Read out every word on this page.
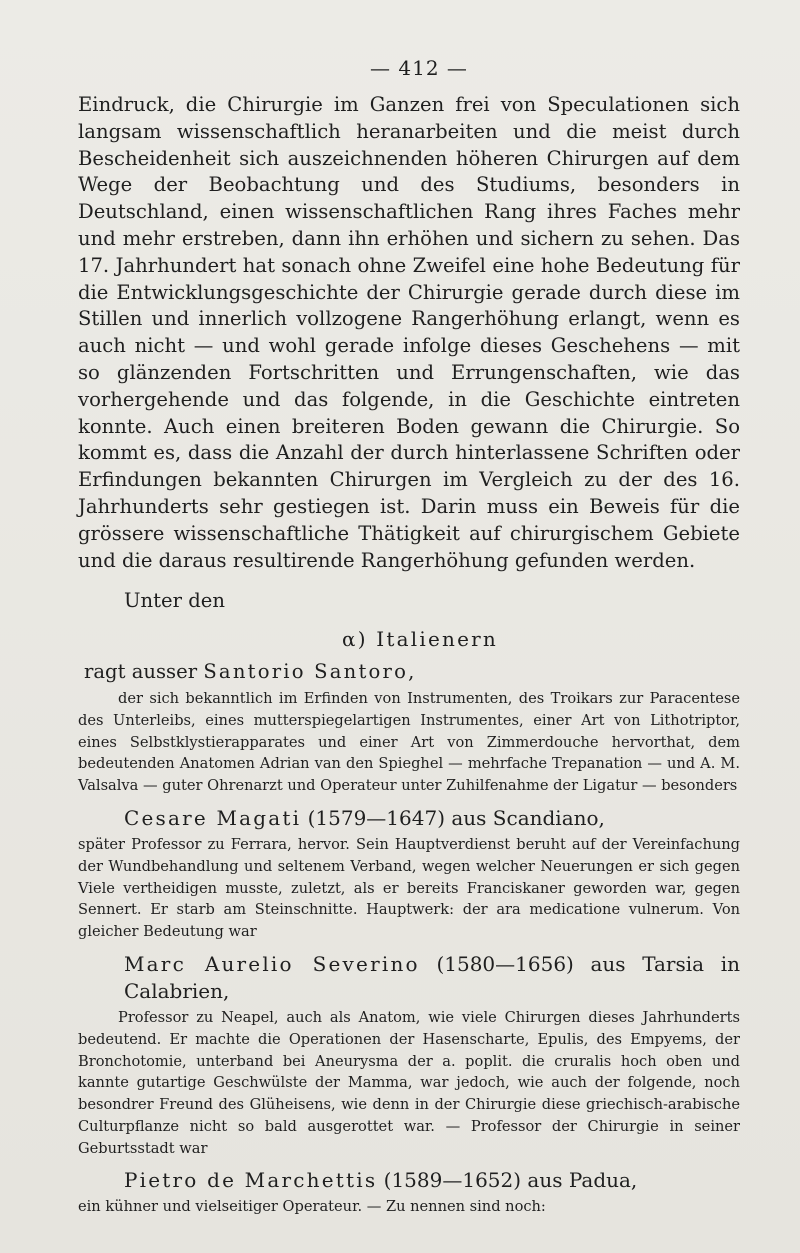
— 412 —

Eindruck, die Chirurgie im Ganzen frei von Speculationen sich langsam wissenschaftlich heranarbeiten und die meist durch Bescheidenheit sich auszeichnenden höheren Chirurgen auf dem Wege der Beobachtung und des Studiums, besonders in Deutschland, einen wissenschaftlichen Rang ihres Faches mehr und mehr erstreben, dann ihn erhöhen und sichern zu sehen. Das 17. Jahrhundert hat sonach ohne Zweifel eine hohe Bedeutung für die Entwicklungsgeschichte der Chirurgie gerade durch diese im Stillen und innerlich vollzogene Rangerhöhung erlangt, wenn es auch nicht — und wohl gerade infolge dieses Geschehens — mit so glänzenden Fortschritten und Errungenschaften, wie das vorhergehende und das folgende, in die Geschichte eintreten konnte. Auch einen breiteren Boden gewann die Chirurgie. So kommt es, dass die Anzahl der durch hinterlassene Schriften oder Erfindungen bekannten Chirurgen im Vergleich zu der des 16. Jahrhunderts sehr gestiegen ist. Darin muss ein Beweis für die grössere wissenschaftliche Thätigkeit auf chirurgischem Gebiete und die daraus resultirende Rangerhöhung gefunden werden.

Unter den

α) Italienern
ragt ausser Santorio Santoro,

der sich bekanntlich im Erfinden von Instrumenten, des Troikars zur Paracentese des Unterleibs, eines mutterspiegelartigen Instrumentes, einer Art von Lithotriptor, eines Selbstklystierapparates und einer Art von Zimmerdouche hervorthat, dem bedeutenden Anatomen Adrian van den Spieghel — mehrfache Trepanation — und A. M. Valsalva — guter Ohrenarzt und Operateur unter Zuhilfenahme der Ligatur — besonders

Cesare Magati (1579—1647) aus Scandiano,

später Professor zu Ferrara, hervor. Sein Hauptverdienst beruht auf der Vereinfachung der Wundbehandlung und seltenem Verband, wegen welcher Neuerungen er sich gegen Viele vertheidigen musste, zuletzt, als er bereits Franciskaner geworden war, gegen Sennert. Er starb am Steinschnitte. Hauptwerk: der ara medicatione vulnerum. Von gleicher Bedeutung war

Marc Aurelio Severino (1580—1656) aus Tarsia in Calabrien,

Professor zu Neapel, auch als Anatom, wie viele Chirurgen dieses Jahrhunderts bedeutend. Er machte die Operationen der Hasenscharte, Epulis, des Empyems, der Bronchotomie, unterband bei Aneurysma der a. poplit. die cruralis hoch oben und kannte gutartige Geschwülste der Mamma, war jedoch, wie auch der folgende, noch besondrer Freund des Glüheisens, wie denn in der Chirurgie diese griechisch-arabische Culturpflanze nicht so bald ausgerottet war. — Professor der Chirurgie in seiner Geburtsstadt war

Pietro de Marchettis (1589—1652) aus Padua,

ein kühner und vielseitiger Operateur. — Zu nennen sind noch:
